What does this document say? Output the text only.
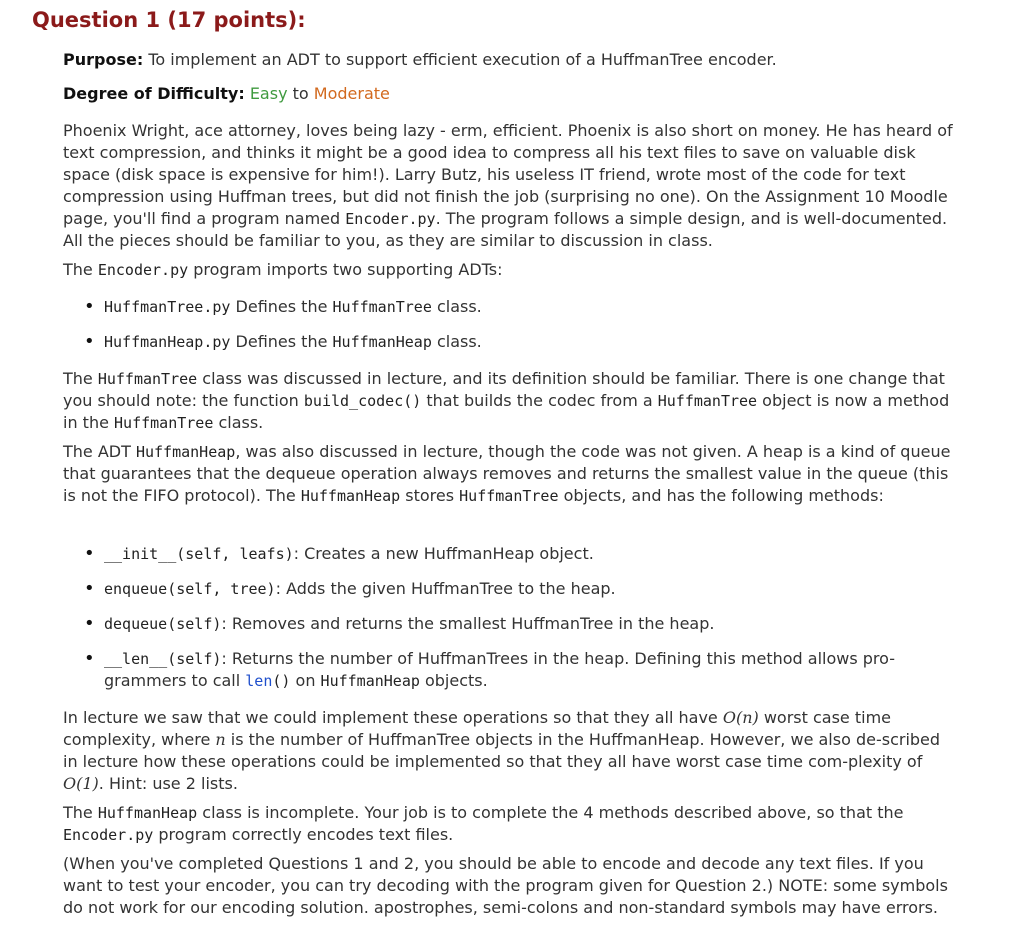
Question 1 (17 points):
Purpose: To implement an ADT to support efficient execution of a HuffmanTree encoder.
Degree of Difficulty: Easy to Moderate

Phoenix Wright, ace attorney, loves being lazy - erm, efficient. Phoenix is also short on money. He has heard of text compression, and thinks it might be a good idea to compress all his text files to save on valuable disk space (disk space is expensive for him!). Larry Butz, his useless IT friend, wrote most of the code for text compression using Huffman trees, but did not finish the job (surprising no one). On the Assignment 10 Moodle page, you'll find a program named Encoder.py. The program follows a simple design, and is well-documented. All the pieces should be familiar to you, as they are similar to discussion in class.

The Encoder.py program imports two supporting ADTs:

• HuffmanTree.py Defines the HuffmanTree class.
• HuffmanHeap.py Defines the HuffmanHeap class.

The HuffmanTree class was discussed in lecture, and its definition should be familiar. There is one change that you should note: the function build_codec() that builds the codec from a HuffmanTree object is now a method in the HuffmanTree class.

The ADT HuffmanHeap, was also discussed in lecture, though the code was not given. A heap is a kind of queue that guarantees that the dequeue operation always removes and returns the smallest value in the queue (this is not the FIFO protocol). The HuffmanHeap stores HuffmanTree objects, and has the following methods:

• __init__(self, leafs): Creates a new HuffmanHeap object.
• enqueue(self, tree): Adds the given HuffmanTree to the heap.
• dequeue(self): Removes and returns the smallest HuffmanTree in the heap.
• __len__(self): Returns the number of HuffmanTrees in the heap. Defining this method allows pro-grammers to call len() on HuffmanHeap objects.

In lecture we saw that we could implement these operations so that they all have O(n) worst case time complexity, where n is the number of HuffmanTree objects in the HuffmanHeap. However, we also de-scribed in lecture how these operations could be implemented so that they all have worst case time com-plexity of O(1). Hint: use 2 lists.

The HuffmanHeap class is incomplete. Your job is to complete the 4 methods described above, so that the Encoder.py program correctly encodes text files.

(When you've completed Questions 1 and 2, you should be able to encode and decode any text files. If you want to test your encoder, you can try decoding with the program given for Question 2.) NOTE: some symbols do not work for our encoding solution. apostrophes, semi-colons and non-standard symbols may have errors.
